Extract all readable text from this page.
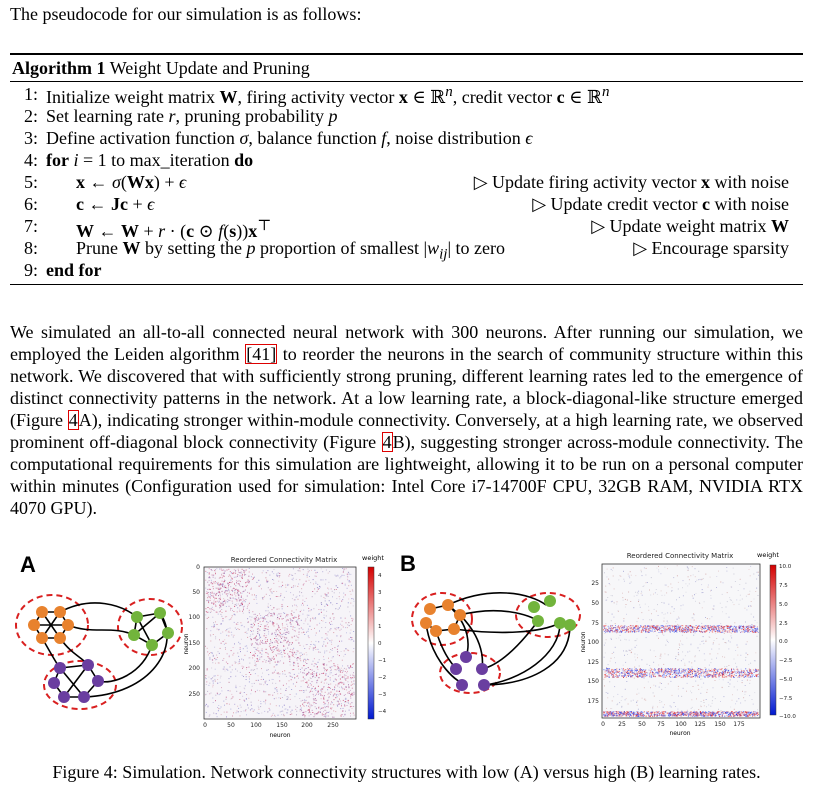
The pseudocode for our simulation is as follows:
Algorithm 1 Weight Update and Pruning
1: Initialize weight matrix W, firing activity vector x ∈ ℝ$^n$, credit vector c ∈ ℝ$^n$
2: Set learning rate r, pruning probability p
3: Define activation function σ, balance function f, noise distribution ϵ
4: for i = 1 to max_iteration do
5: x ← σ(Wx) + ϵ	▷ Update firing activity vector x with noise
6: c ← Jc + ϵ	▷ Update credit vector c with noise
7: W ← W + r · (c ⊙ f(s))x⊤	▷ Update weight matrix W
8: Prune W by setting the p proportion of smallest $|w_{ij}|$ to zero	▷ Encourage sparsity
9: end for

We simulated an all-to-all connected neural network with 300 neurons. After running our simulation, we employed the Leiden algorithm [41] to reorder the neurons in the search of community structure within this network. We discovered that with sufficiently strong pruning, different learning rates led to the emergence of distinct connectivity patterns in the network. At a low learning rate, a block-diagonal-like structure emerged (Figure 4A), indicating stronger within-module connectivity. Conversely, at a high learning rate, we observed prominent off-diagonal block connectivity (Figure 4B), suggesting stronger across-module connectivity. The computational requirements for this simulation are lightweight, allowing it to be run on a personal computer within minutes (Configuration used for simulation: Intel Core i7-14700F CPU, 32GB RAM, NVIDIA RTX 4070 GPU).

A	B
Reordered Connectivity Matrix
0
50
100
150
200
250
0	50	100 150 200 250
neuron
neuron
weight
4
3
2
1
0
−1
−2
−3
−4
Reordered Connectivity Matrix
25
50
75
100
125
150
175
0 25 50 75 100 125 150 175
neuron
neuron
weight
10.0
7.5
5.0
2.5
0.0
−2.5
−5.0
−7.5
−10.0
Figure 4: Simulation. Network connectivity structures with low (A) versus high (B) learning rates.
